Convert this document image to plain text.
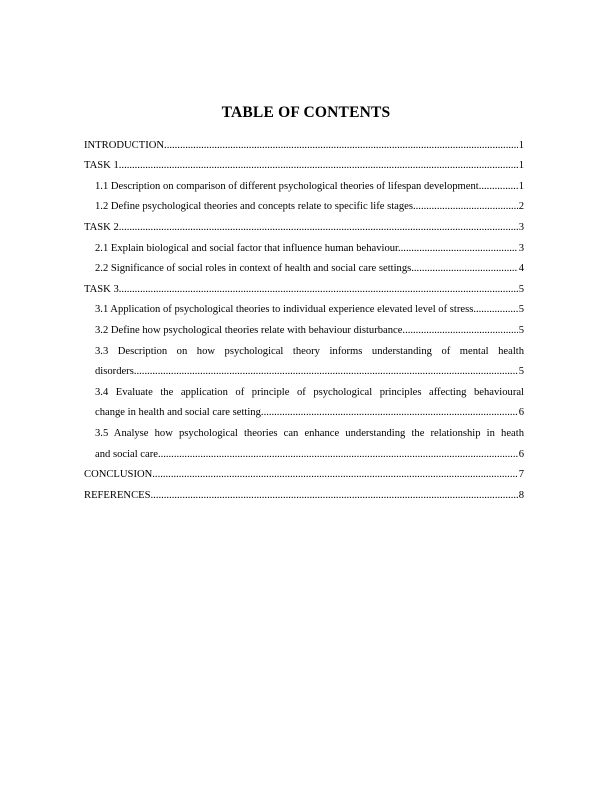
TABLE OF CONTENTS
INTRODUCTION .....	1
TASK 1 .....	1
1.1 Description on comparison of different psychological theories of lifespan development .....	1
1.2 Define psychological theories and concepts relate to specific life stages. .....	2
TASK 2 .....	3
2.1 Explain biological and social factor that influence human behaviour. .....	3
2.2 Significance of social roles in context of health and social care settings. .....	4
TASK 3 .....	5
3.1 Application of psychological theories to individual experience elevated level of stress. .....	5
3.2 Define how psychological theories relate with behaviour disturbance. .....	5
3.3 Description on how psychological theory informs understanding of mental health
disorders. .....	5
3.4 Evaluate the application of principle of psychological principles affecting behavioural
change in health and social care setting. .....	6
3.5 Analyse how psychological theories can enhance understanding the relationship in heath
and social care .....	6
CONCLUSION .....	7
REFERENCES .....	8
